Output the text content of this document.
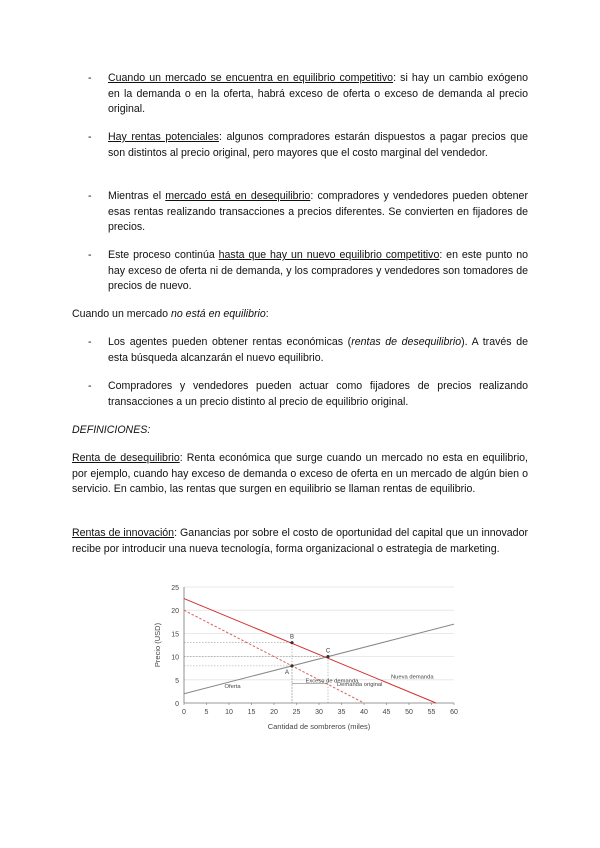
- Cuando un mercado se encuentra en equilibrio competitivo: si hay un cambio exógeno en la demanda o en la oferta, habrá exceso de oferta o exceso de demanda al precio original.
- Hay rentas potenciales: algunos compradores estarán dispuestos a pagar precios que son distintos al precio original, pero mayores que el costo marginal del vendedor.
- Mientras el mercado está en desequilibrio: compradores y vendedores pueden obtener esas rentas realizando transacciones a precios diferentes. Se convierten en fijadores de precios.
- Este proceso continúa hasta que hay un nuevo equilibrio competitivo: en este punto no hay exceso de oferta ni de demanda, y los compradores y vendedores son tomadores de precios de nuevo.
Cuando un mercado no está en equilibrio:
- Los agentes pueden obtener rentas económicas (rentas de desequilibrio). A través de esta búsqueda alcanzarán el nuevo equilibrio.
- Compradores y vendedores pueden actuar como fijadores de precios realizando transacciones a un precio distinto al precio de equilibrio original.
DEFINICIONES:
Renta de desequilibrio: Renta económica que surge cuando un mercado no esta en equilibrio, por ejemplo, cuando hay exceso de demanda o exceso de oferta en un mercado de algún bien o servicio. En cambio, las rentas que surgen en equilibrio se llaman rentas de equilibrio.
Rentas de innovación: Ganancias por sobre el costo de oportunidad del capital que un innovador recibe por introducir una nueva tecnología, forma organizacional o estrategia de marketing.
0
5
10
15
20
25
0	5 10 15 20 25 30 35 40 45 50 55 60
Cantidad de sombreros (miles)
Precio (USD)
A
B
C
Exceso de demanda
Oferta
Nueva demanda
Demanda original
